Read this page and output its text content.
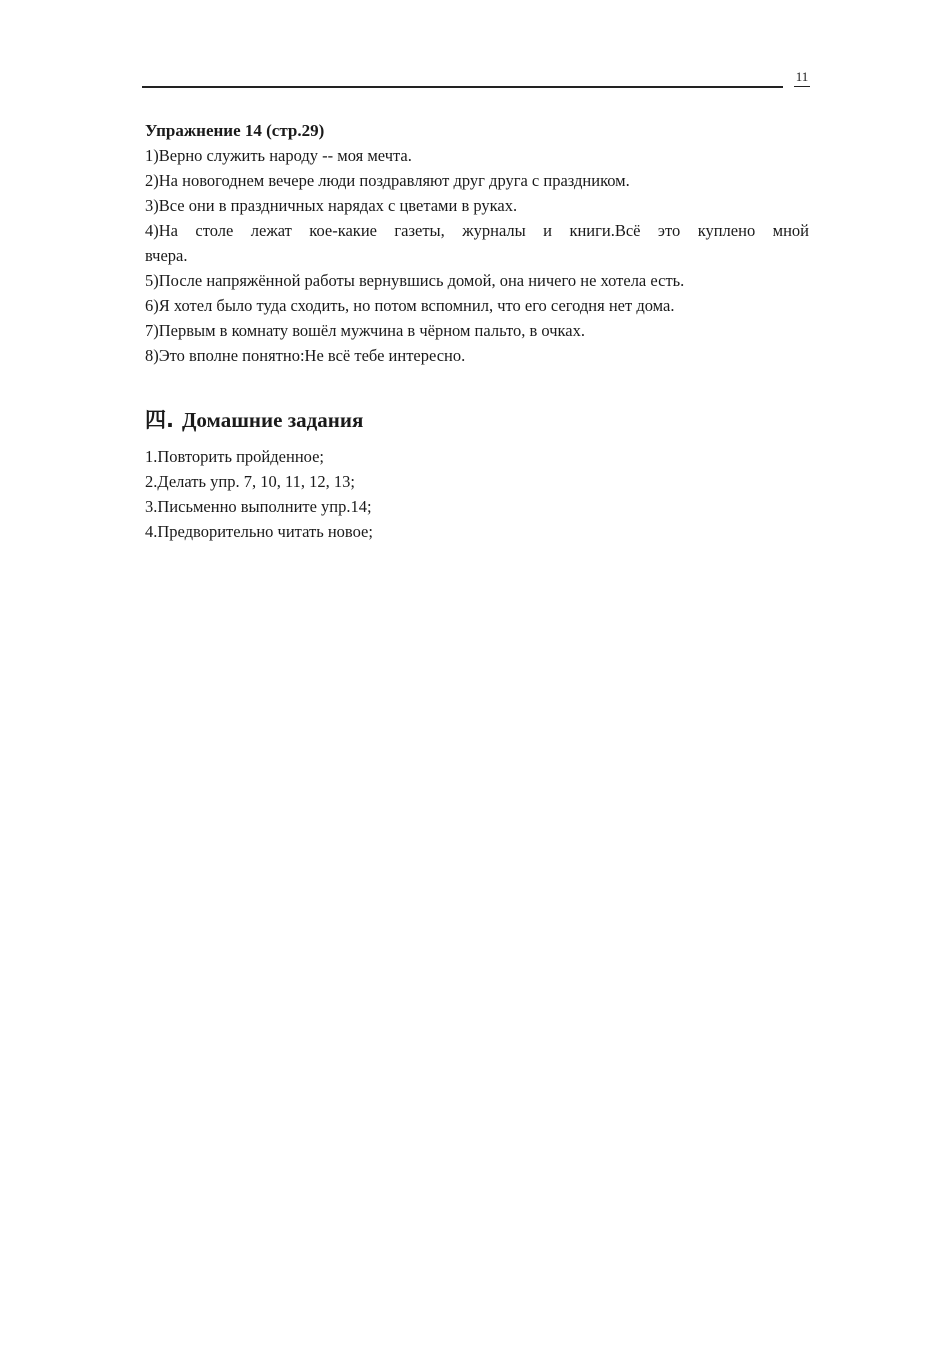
11

Упражнение 14 (стр.29)

1)Верно служить народу -- моя мечта.

2)На новогоднем вечере люди поздравляют друг друга с праздником.

3)Все они в праздничных нарядах с цветами в руках.

4)На столе лежат кое-какие газеты, журналы и книги.Всё это куплено мной

вчера.

5)После напряжённой работы вернувшись домой, она ничего не хотела есть.

6)Я хотел было туда сходить, но потом вспомнил, что его сегодня нет дома.

7)Первым в комнату вошёл мужчина в чёрном пальто, в очках.

8)Это вполне понятно:Не всё тебе интересно.

四. Домашние задания

1.Повторить пройденное;

2.Делать упр. 7, 10, 11, 12, 13;

3.Письменно выполните упр.14;

4.Предворительно читать новое;
